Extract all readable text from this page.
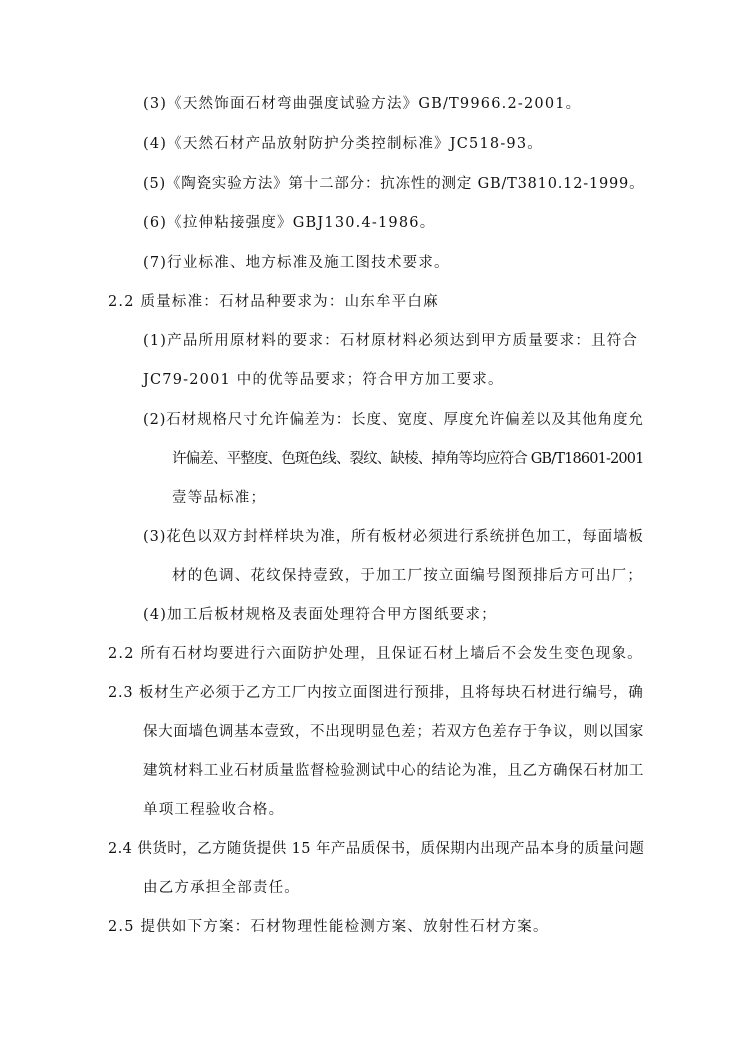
(3)《天然饰面石材弯曲强度试验方法》GB/T9966.2-2001。
(4)《天然石材产品放射防护分类控制标准》JC518-93。
(5)《陶瓷实验方法》第十二部分：抗冻性的测定 GB/T3810.12-1999。
(6)《拉伸粘接强度》GBJ130.4-1986。
(7)行业标准、地方标准及施工图技术要求。
2.2 质量标准：石材品种要求为：山东牟平白麻
(1)产品所用原材料的要求：石材原材料必须达到甲方质量要求：且符合
JC79-2001 中的优等品要求；符合甲方加工要求。
(2)石材规格尺寸允许偏差为：长度、宽度、厚度允许偏差以及其他角度允
许偏差、平整度、色斑色线、裂纹、缺棱、掉角等均应符合 GB/T18601-2001
壹等品标准；
(3)花色以双方封样样块为准，所有板材必须进行系统拼色加工，每面墙板
材的色调、花纹保持壹致，于加工厂按立面编号图预排后方可出厂；
(4)加工后板材规格及表面处理符合甲方图纸要求；
2.2 所有石材均要进行六面防护处理，且保证石材上墙后不会发生变色现象。
2.3 板材生产必须于乙方工厂内按立面图进行预排，且将每块石材进行编号，确
保大面墙色调基本壹致，不出现明显色差；若双方色差存于争议，则以国家
建筑材料工业石材质量监督检验测试中心的结论为准，且乙方确保石材加工
单项工程验收合格。
2.4 供货时，乙方随货提供 15 年产品质保书，质保期内出现产品本身的质量问题
由乙方承担全部责任。
2.5 提供如下方案：石材物理性能检测方案、放射性石材方案。
